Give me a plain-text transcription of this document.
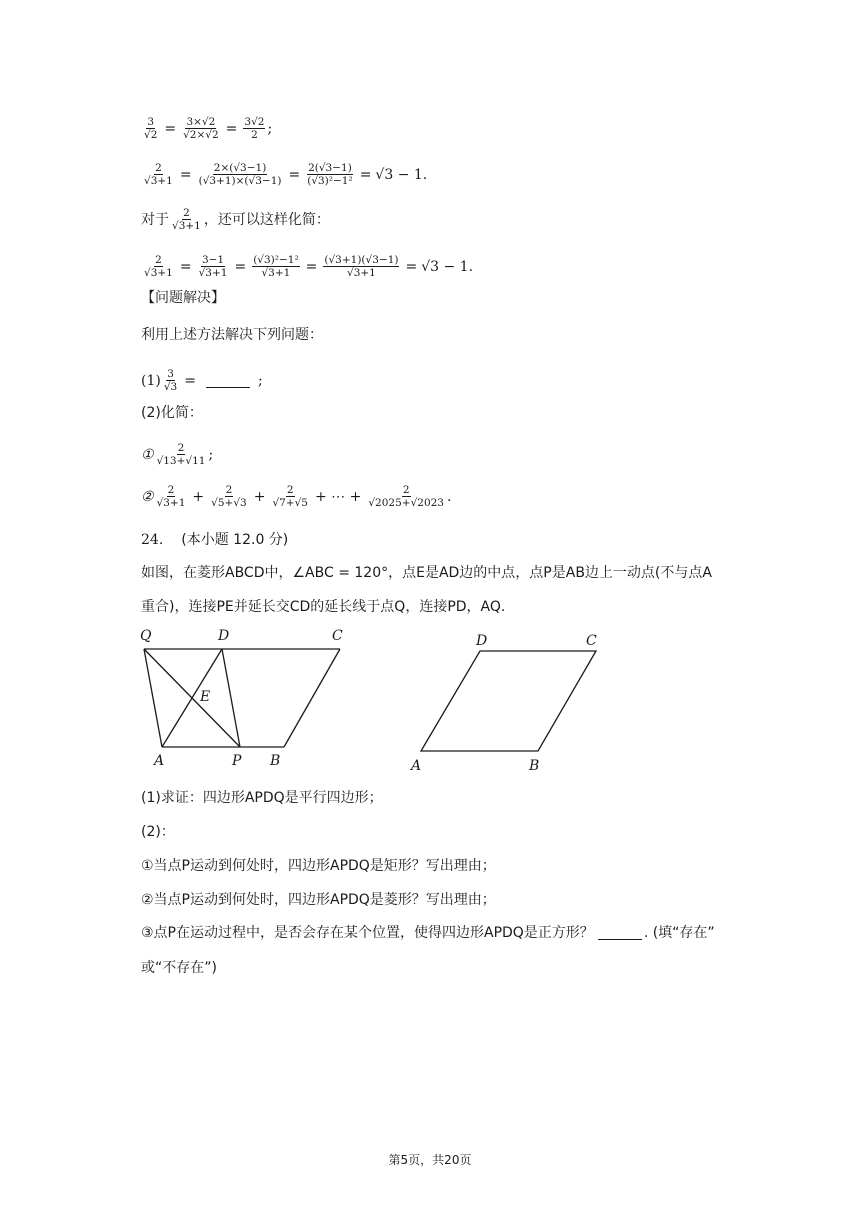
$\frac{3}{√2} = \frac{3\times√2}{√2\times√2} = \frac{3√2}{2}$ ;
$\frac{2}{√3+1} = \frac{2\times(√3-1)}{(√3+1)\times(√3-1)} = \frac{2(√3-1)}{\text{(√3)²−1²}} = √3 - 1$.
对于 $\frac{2}{√3+1}$ ，还可以这样化简：
$\frac{2}{√3+1} = \frac{3-1}{√3+1} = \frac{\text{(√3)²−1²}}{√3+1} = \frac{(√3+1)(√3-1)}{√3+1} = √3 - 1$.
【问题解决】
利用上述方法解决下列问题：
$(1) \frac{3}{√3}$ =	;
(2)化简：
① $\frac{2}{√13+√11}$ ;
② $\frac{2}{√3+1} + \frac{2}{√5+√3} + \frac{2}{√7+√5}$ + ⋯ + $\frac{2}{√2025+√2023}$ .
24. (本小题 12.0 分)
如图，在菱形ABCD中，∠ABC = 120°，点E是AD边的中点，点P是AB边上一动点(不与点A
重合)，连接PE并延长交CD的延长线于点Q，连接PD，AQ.
Q	D	C
E
A	P B
D	C
A	B
(1)求证：四边形APDQ是平行四边形；
(2)：
①当点P运动到何处时，四边形APDQ是矩形？写出理由；
②当点P运动到何处时，四边形APDQ是菱形？写出理由；
③点P在运动过程中，是否会存在某个位置，使得四边形APDQ是正方形？	. (填“存在”
或“不存在”)
第5页，共20页
